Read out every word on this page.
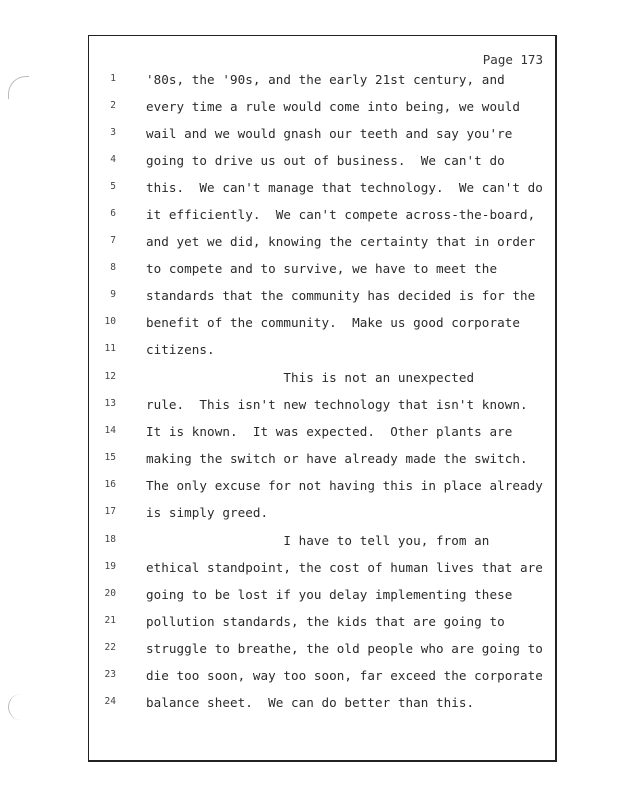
Page 173
1 '80s, the '90s, and the early 21st century, and
2 every time a rule would come into being, we would
3 wail and we would gnash our teeth and say you're
4 going to drive us out of business.  We can't do
5 this.  We can't manage that technology.  We can't do
6 it efficiently.  We can't compete across-the-board,
7 and yet we did, knowing the certainty that in order
8 to compete and to survive, we have to meet the
9 standards that the community has decided is for the
10 benefit of the community.  Make us good corporate
11 citizens.
12 This is not an unexpected
13 rule.  This isn't new technology that isn't known.
14 It is known.  It was expected.  Other plants are
15 making the switch or have already made the switch.
16 The only excuse for not having this in place already
17 is simply greed.
18 I have to tell you, from an
19 ethical standpoint, the cost of human lives that are
20 going to be lost if you delay implementing these
21 pollution standards, the kids that are going to
22 struggle to breathe, the old people who are going to
23 die too soon, way too soon, far exceed the corporate
24 balance sheet.  We can do better than this.
